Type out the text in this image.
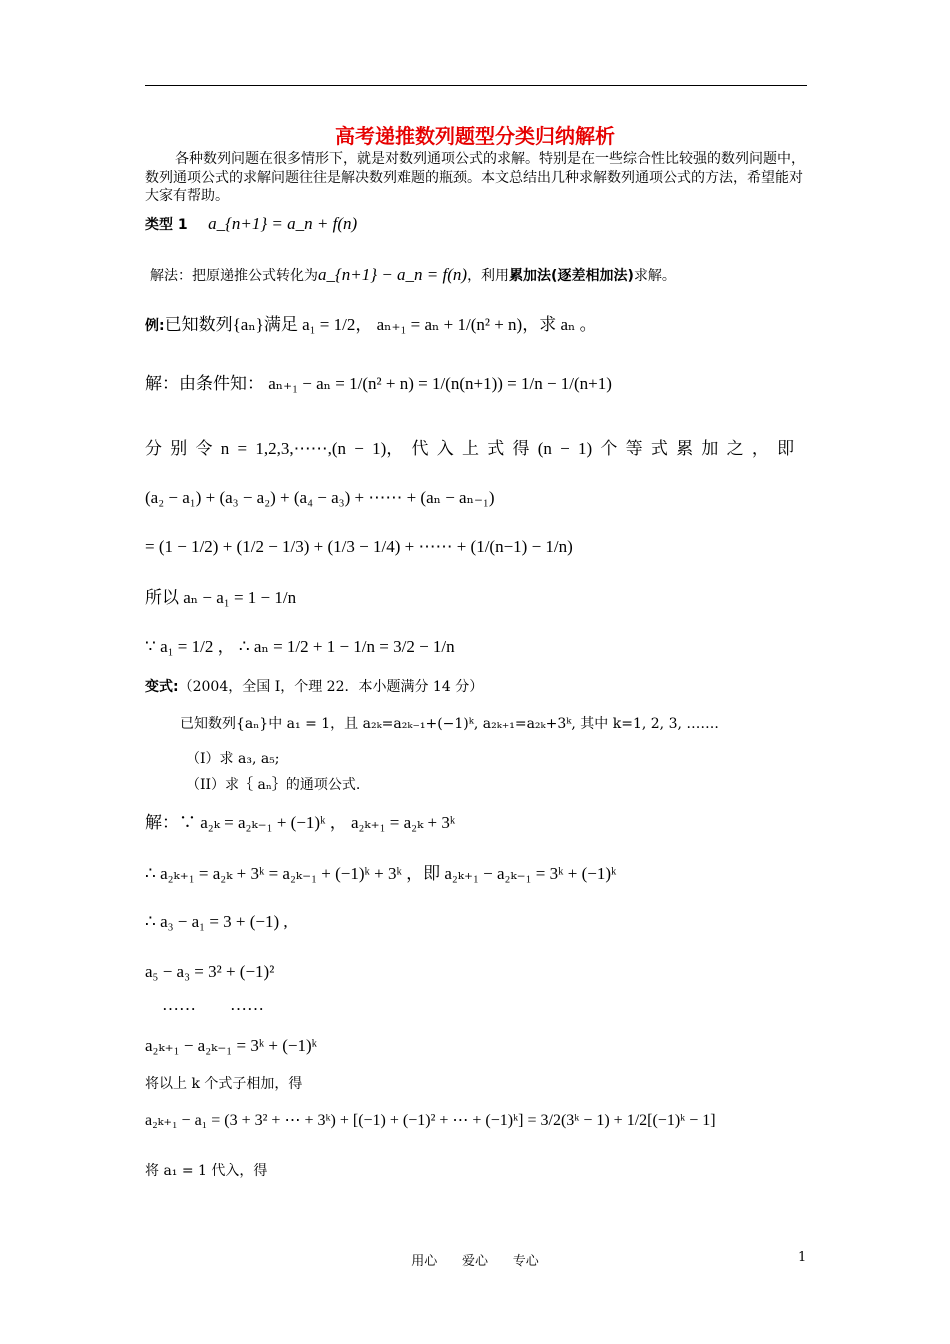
高考递推数列题型分类归纳解析
各种数列问题在很多情形下，就是对数列通项公式的求解。特别是在一些综合性比较强的数列问题中，数列通项公式的求解问题往往是解决数列难题的瓶颈。本文总结出几种求解数列通项公式的方法，希望能对大家有帮助。
类型 1 a_{n+1} = a_n + f(n)
解法：把原递推公式转化为a_{n+1} − a_n = f(n)，利用累加法(逐差相加法)求解。
例:已知数列{aₙ}满足 a₁ = 1/2， aₙ₊₁ = aₙ + 1/(n² + n)，求 aₙ 。
解：由条件知： aₙ₊₁ − aₙ = 1/(n² + n) = 1/(n(n+1)) = 1/n − 1/(n+1)
分 别 令 n = 1,2,3,⋯⋯,(n − 1)， 代 入 上 式 得 (n − 1) 个 等 式 累 加 之 ， 即
(a₂ − a₁) + (a₃ − a₂) + (a₄ − a₃) + ⋯⋯ + (aₙ − aₙ₋₁)
= (1 − 1/2) + (1/2 − 1/3) + (1/3 − 1/4) + ⋯⋯ + (1/(n−1) − 1/n)
所以 aₙ − a₁ = 1 − 1/n
∵ a₁ = 1/2 ， ∴ aₙ = 1/2 + 1 − 1/n = 3/2 − 1/n
变式:（2004，全国 I，个理 22．本小题满分 14 分）
已知数列{aₙ}中 a₁ = 1，且 a₂ₖ=a₂ₖ₋₁+(−1)ᵏ, a₂ₖ₊₁=a₂ₖ+3ᵏ, 其中 k=1, 2, 3, …….
（I）求 a₃, a₅;
（II）求｛ aₙ｝的通项公式.
解：∵ a₂ₖ = a₂ₖ₋₁ + (−1)ᵏ ， a₂ₖ₊₁ = a₂ₖ + 3ᵏ
∴ a₂ₖ₊₁ = a₂ₖ + 3ᵏ = a₂ₖ₋₁ + (−1)ᵏ + 3ᵏ ，即 a₂ₖ₊₁ − a₂ₖ₋₁ = 3ᵏ + (−1)ᵏ
∴ a₃ − a₁ = 3 + (−1) ,
a₅ − a₃ = 3² + (−1)²
……        ……
a₂ₖ₊₁ − a₂ₖ₋₁ = 3ᵏ + (−1)ᵏ
将以上 k 个式子相加，得
a₂ₖ₊₁ − a₁ = (3 + 3² + ⋯ + 3ᵏ) + [(−1) + (−1)² + ⋯ + (−1)ᵏ] = 3/2(3ᵏ − 1) + 1/2[(−1)ᵏ − 1]
将 a₁ = 1 代入，得
用心      爱心      专心	1
